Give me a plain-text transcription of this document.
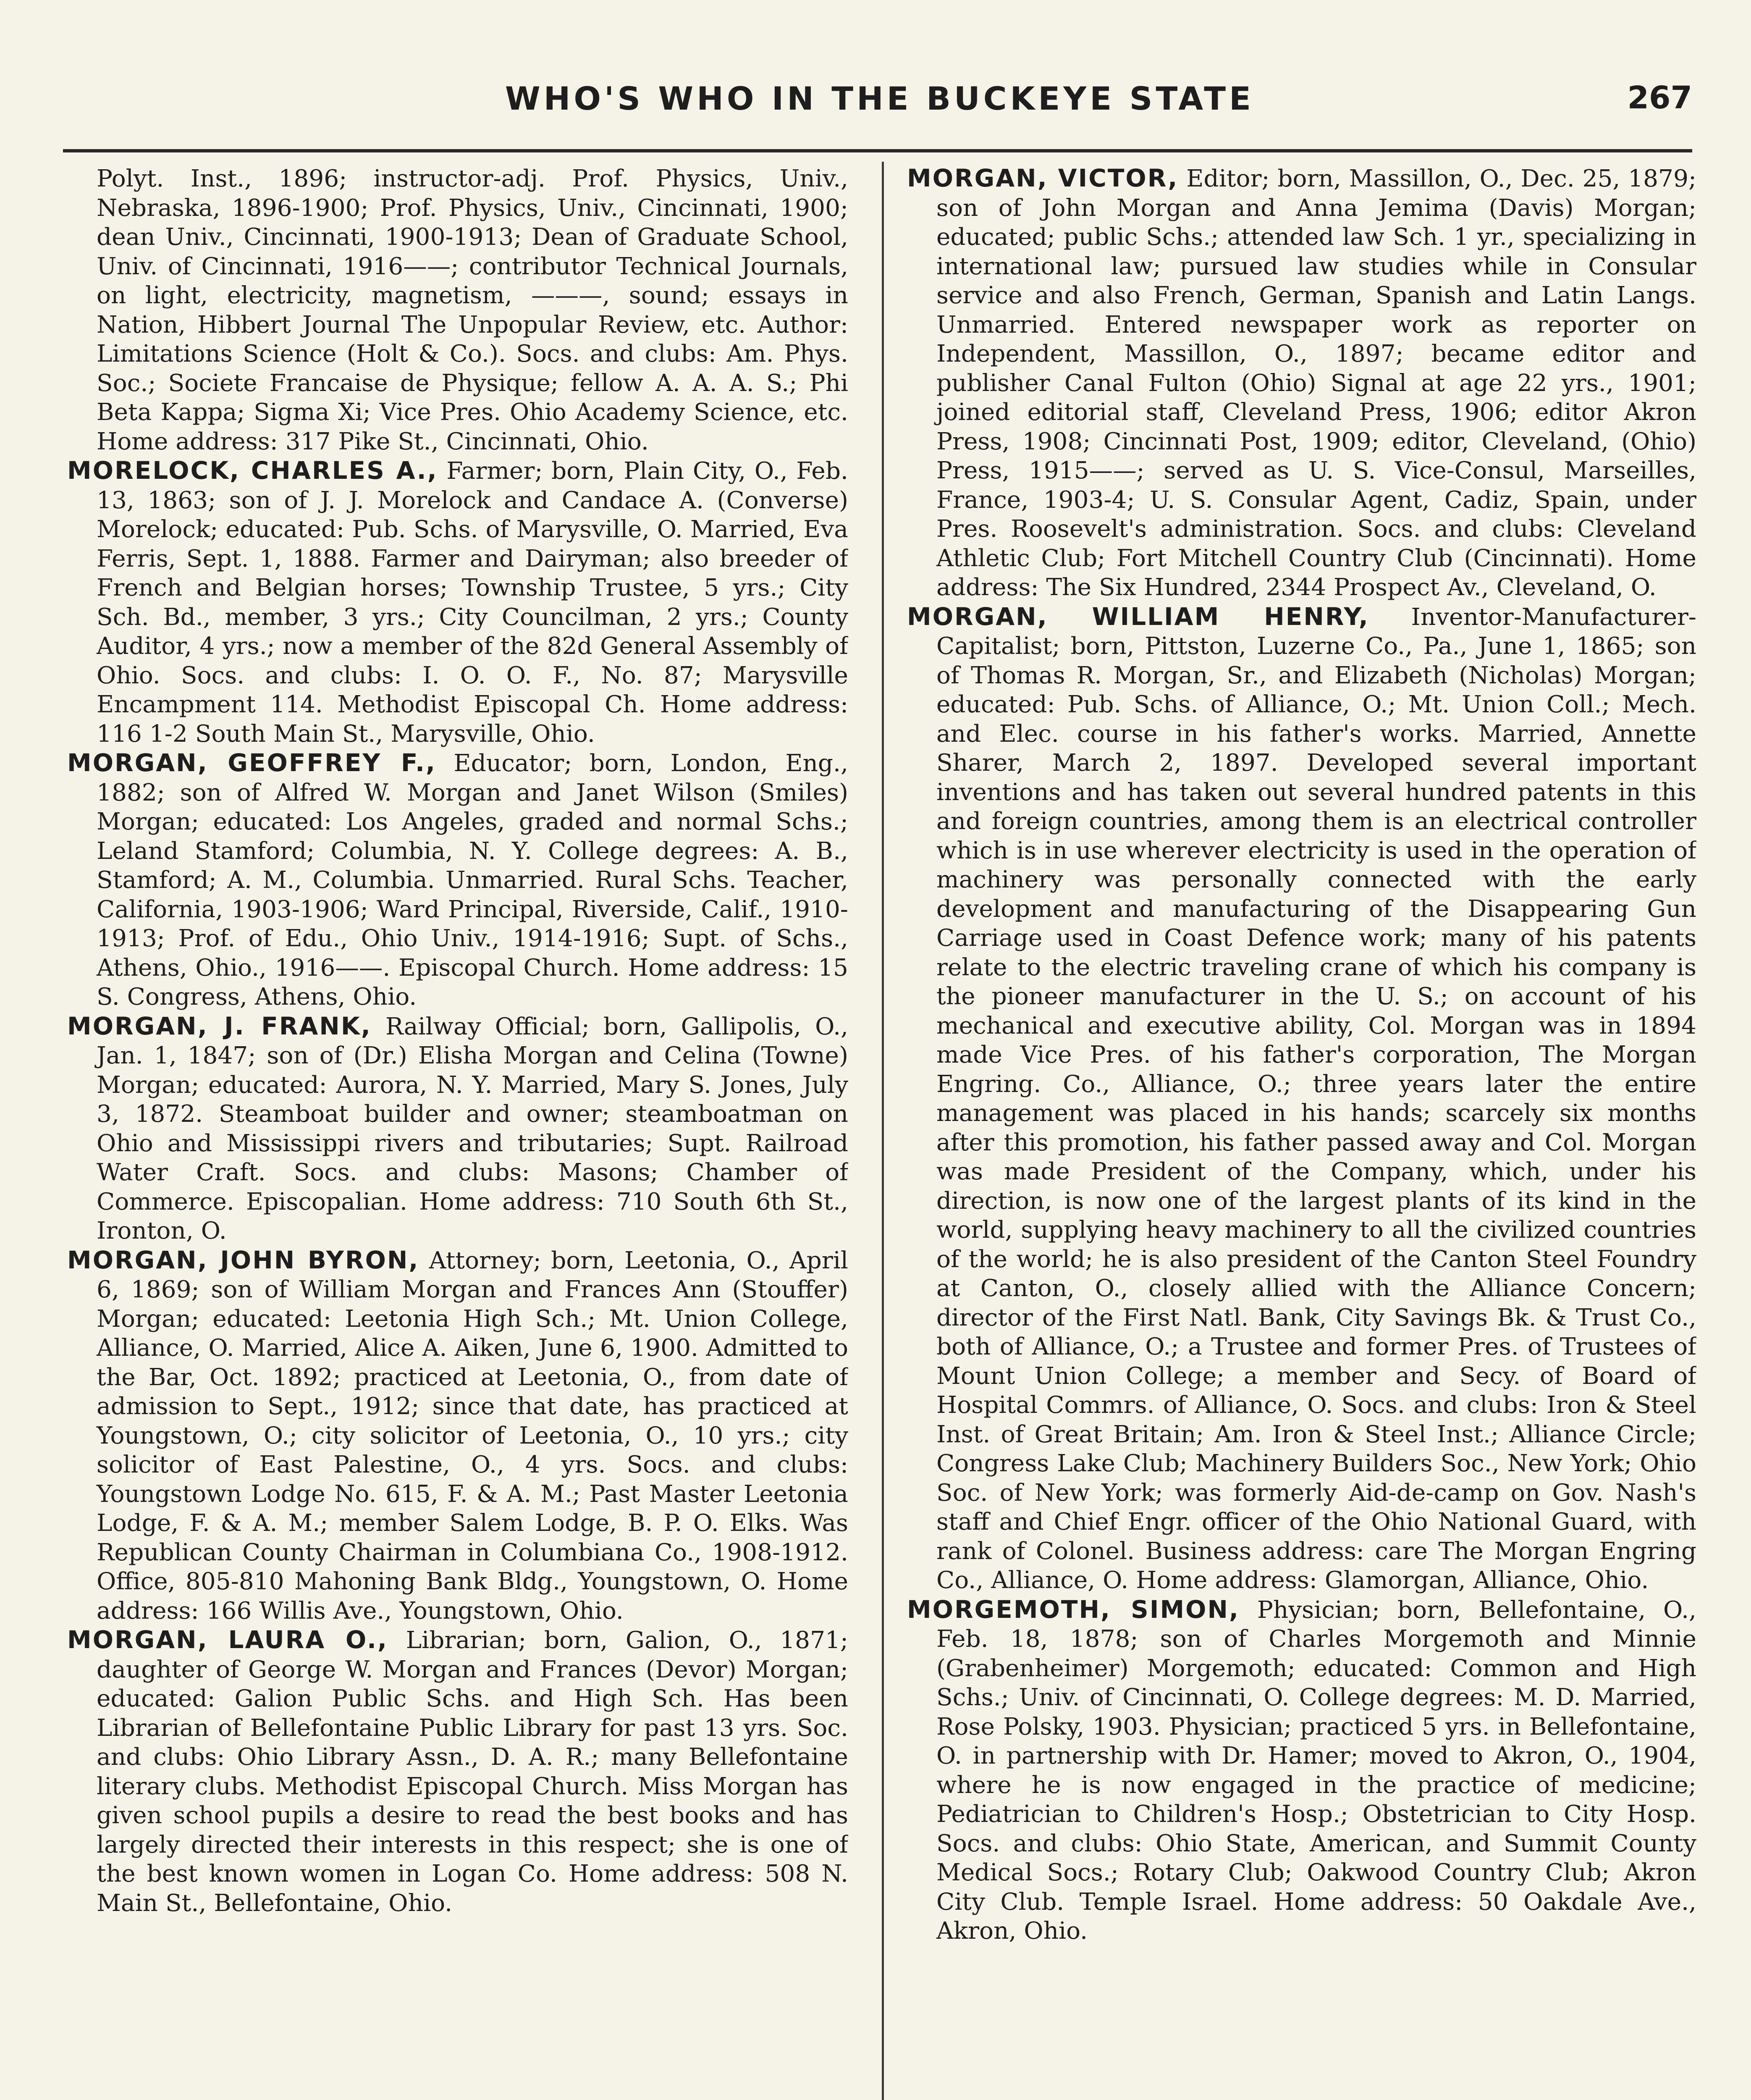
WHO'S WHO IN THE BUCKEYE STATE	267

Polyt. Inst., 1896; instructor-adj. Prof. Physics, Univ., Nebraska, 1896-1900; Prof. Physics, Univ., Cincinnati, 1900; dean Univ., Cincinnati, 1900-1913; Dean of Graduate School, Univ. of Cincinnati, 1916——; contributor Technical Journals, on light, electricity, magnetism, ———, sound; essays in Nation, Hibbert Journal The Unpopular Review, etc. Author: Limitations Science (Holt & Co.). Socs. and clubs: Am. Phys. Soc.; Societe Francaise de Physique; fellow A. A. A. S.; Phi Beta Kappa; Sigma Xi; Vice Pres. Ohio Academy Science, etc. Home address: 317 Pike St., Cincinnati, Ohio.

MORELOCK, CHARLES A., Farmer; born, Plain City, O., Feb. 13, 1863; son of J. J. Morelock and Candace A. (Converse) Morelock; educated: Pub. Schs. of Marysville, O. Married, Eva Ferris, Sept. 1, 1888. Farmer and Dairyman; also breeder of French and Belgian horses; Township Trustee, 5 yrs.; City Sch. Bd., member, 3 yrs.; City Councilman, 2 yrs.; County Auditor, 4 yrs.; now a member of the 82d General Assembly of Ohio. Socs. and clubs: I. O. O. F., No. 87; Marysville Encampment 114. Methodist Episcopal Ch. Home address: 116 1-2 South Main St., Marysville, Ohio.

MORGAN, GEOFFREY F., Educator; born, London, Eng., 1882; son of Alfred W. Morgan and Janet Wilson (Smiles) Morgan; educated: Los Angeles, graded and normal Schs.; Leland Stamford; Columbia, N. Y. College degrees: A. B., Stamford; A. M., Columbia. Unmarried. Rural Schs. Teacher, California, 1903-1906; Ward Principal, Riverside, Calif., 1910-1913; Prof. of Edu., Ohio Univ., 1914-1916; Supt. of Schs., Athens, Ohio., 1916——. Episcopal Church. Home address: 15 S. Congress, Athens, Ohio.

MORGAN, J. FRANK, Railway Official; born, Gallipolis, O., Jan. 1, 1847; son of (Dr.) Elisha Morgan and Celina (Towne) Morgan; educated: Aurora, N. Y. Married, Mary S. Jones, July 3, 1872. Steamboat builder and owner; steamboatman on Ohio and Mississippi rivers and tributaries; Supt. Railroad Water Craft. Socs. and clubs: Masons; Chamber of Commerce. Episcopalian. Home address: 710 South 6th St., Ironton, O.

MORGAN, JOHN BYRON, Attorney; born, Leetonia, O., April 6, 1869; son of William Morgan and Frances Ann (Stouffer) Morgan; educated: Leetonia High Sch.; Mt. Union College, Alliance, O. Married, Alice A. Aiken, June 6, 1900. Admitted to the Bar, Oct. 1892; practiced at Leetonia, O., from date of admission to Sept., 1912; since that date, has practiced at Youngstown, O.; city solicitor of Leetonia, O., 10 yrs.; city solicitor of East Palestine, O., 4 yrs. Socs. and clubs: Youngstown Lodge No. 615, F. & A. M.; Past Master Leetonia Lodge, F. & A. M.; member Salem Lodge, B. P. O. Elks. Was Republican County Chairman in Columbiana Co., 1908-1912. Office, 805-810 Mahoning Bank Bldg., Youngstown, O. Home address: 166 Willis Ave., Youngstown, Ohio.

MORGAN, LAURA O., Librarian; born, Galion, O., 1871; daughter of George W. Morgan and Frances (Devor) Morgan; educated: Galion Public Schs. and High Sch. Has been Librarian of Bellefontaine Public Library for past 13 yrs. Soc. and clubs: Ohio Library Assn., D. A. R.; many Bellefontaine literary clubs. Methodist Episcopal Church. Miss Morgan has given school pupils a desire to read the best books and has largely directed their interests in this respect; she is one of the best known women in Logan Co. Home address: 508 N. Main St., Bellefontaine, Ohio.

MORGAN, VICTOR, Editor; born, Massillon, O., Dec. 25, 1879; son of John Morgan and Anna Jemima (Davis) Morgan; educated; public Schs.; attended law Sch. 1 yr., specializing in international law; pursued law studies while in Consular service and also French, German, Spanish and Latin Langs. Unmarried. Entered newspaper work as reporter on Independent, Massillon, O., 1897; became editor and publisher Canal Fulton (Ohio) Signal at age 22 yrs., 1901; joined editorial staff, Cleveland Press, 1906; editor Akron Press, 1908; Cincinnati Post, 1909; editor, Cleveland, (Ohio) Press, 1915——; served as U. S. Vice-Consul, Marseilles, France, 1903-4; U. S. Consular Agent, Cadiz, Spain, under Pres. Roosevelt's administration. Socs. and clubs: Cleveland Athletic Club; Fort Mitchell Country Club (Cincinnati). Home address: The Six Hundred, 2344 Prospect Av., Cleveland, O.

MORGAN, WILLIAM HENRY, Inventor-Manufacturer-Capitalist; born, Pittston, Luzerne Co., Pa., June 1, 1865; son of Thomas R. Morgan, Sr., and Elizabeth (Nicholas) Morgan; educated: Pub. Schs. of Alliance, O.; Mt. Union Coll.; Mech. and Elec. course in his father's works. Married, Annette Sharer, March 2, 1897. Developed several important inventions and has taken out several hundred patents in this and foreign countries, among them is an electrical controller which is in use wherever electricity is used in the operation of machinery was personally connected with the early development and manufacturing of the Disappearing Gun Carriage used in Coast Defence work; many of his patents relate to the electric traveling crane of which his company is the pioneer manufacturer in the U. S.; on account of his mechanical and executive ability, Col. Morgan was in 1894 made Vice Pres. of his father's corporation, The Morgan Engring. Co., Alliance, O.; three years later the entire management was placed in his hands; scarcely six months after this promotion, his father passed away and Col. Morgan was made President of the Company, which, under his direction, is now one of the largest plants of its kind in the world, supplying heavy machinery to all the civilized countries of the world; he is also president of the Canton Steel Foundry at Canton, O., closely allied with the Alliance Concern; director of the First Natl. Bank, City Savings Bk. & Trust Co., both of Alliance, O.; a Trustee and former Pres. of Trustees of Mount Union College; a member and Secy. of Board of Hospital Commrs. of Alliance, O. Socs. and clubs: Iron & Steel Inst. of Great Britain; Am. Iron & Steel Inst.; Alliance Circle; Congress Lake Club; Machinery Builders Soc., New York; Ohio Soc. of New York; was formerly Aid-de-camp on Gov. Nash's staff and Chief Engr. officer of the Ohio National Guard, with rank of Colonel. Business address: care The Morgan Engring Co., Alliance, O. Home address: Glamorgan, Alliance, Ohio.

MORGEMOTH, SIMON, Physician; born, Bellefontaine, O., Feb. 18, 1878; son of Charles Morgemoth and Minnie (Grabenheimer) Morgemoth; educated: Common and High Schs.; Univ. of Cincinnati, O. College degrees: M. D. Married, Rose Polsky, 1903. Physician; practiced 5 yrs. in Bellefontaine, O. in partnership with Dr. Hamer; moved to Akron, O., 1904, where he is now engaged in the practice of medicine; Pediatrician to Children's Hosp.; Obstetrician to City Hosp. Socs. and clubs: Ohio State, American, and Summit County Medical Socs.; Rotary Club; Oakwood Country Club; Akron City Club. Temple Israel. Home address: 50 Oakdale Ave., Akron, Ohio.
